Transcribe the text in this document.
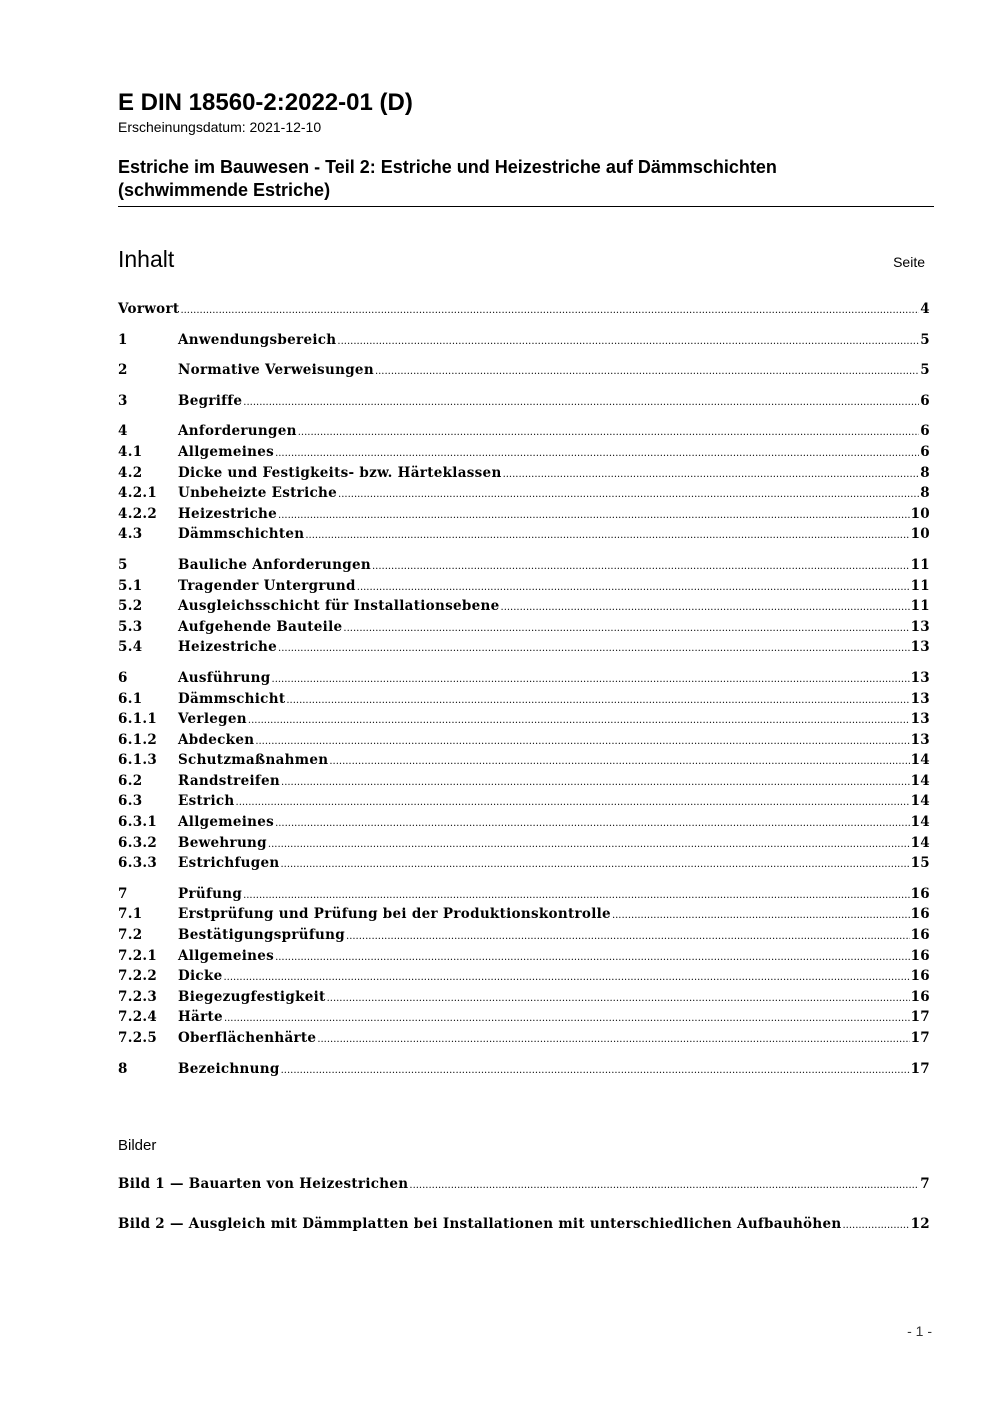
E DIN 18560-2:2022-01 (D)

Erscheinungsdatum: 2021-12-10

Estriche im Bauwesen - Teil 2: Estriche und Heizestriche auf Dämmschichten
(schwimmende Estriche)
Inhalt	Seite
Vorwort .....	4
1	Anwendungsbereich .....	5
2	Normative Verweisungen .....	5
3	Begriffe .....	6
4	Anforderungen .....	6
4.1	Allgemeines .....	6
4.2	Dicke und Festigkeits- bzw. Härteklassen .....	8
4.2.1	Unbeheizte Estriche .....	8
4.2.2	Heizestriche .....	10
4.3	Dämmschichten .....	10
5	Bauliche Anforderungen .....	11
5.1	Tragender Untergrund .....	11
5.2	Ausgleichsschicht für Installationsebene .....	11
5.3	Aufgehende Bauteile .....	13
5.4	Heizestriche .....	13
6	Ausführung .....	13
6.1	Dämmschicht .....	13
6.1.1	Verlegen .....	13
6.1.2	Abdecken .....	13
6.1.3	Schutzmaßnahmen .....	14
6.2	Randstreifen .....	14
6.3	Estrich .....	14
6.3.1	Allgemeines .....	14
6.3.2	Bewehrung .....	14
6.3.3	Estrichfugen .....	15
7	Prüfung .....	16
7.1	Erstprüfung und Prüfung bei der Produktionskontrolle .....	16
7.2	Bestätigungsprüfung .....	16
7.2.1	Allgemeines .....	16
7.2.2	Dicke .....	16
7.2.3	Biegezugfestigkeit .....	16
7.2.4	Härte .....	17
7.2.5	Oberflächenhärte .....	17
8	Bezeichnung .....	17
Bilder
Bild 1 — Bauarten von Heizestrichen .....	7
Bild 2 — Ausgleich mit Dämmplatten bei Installationen mit unterschiedlichen Aufbauhöhen .....	12
- 1 -
